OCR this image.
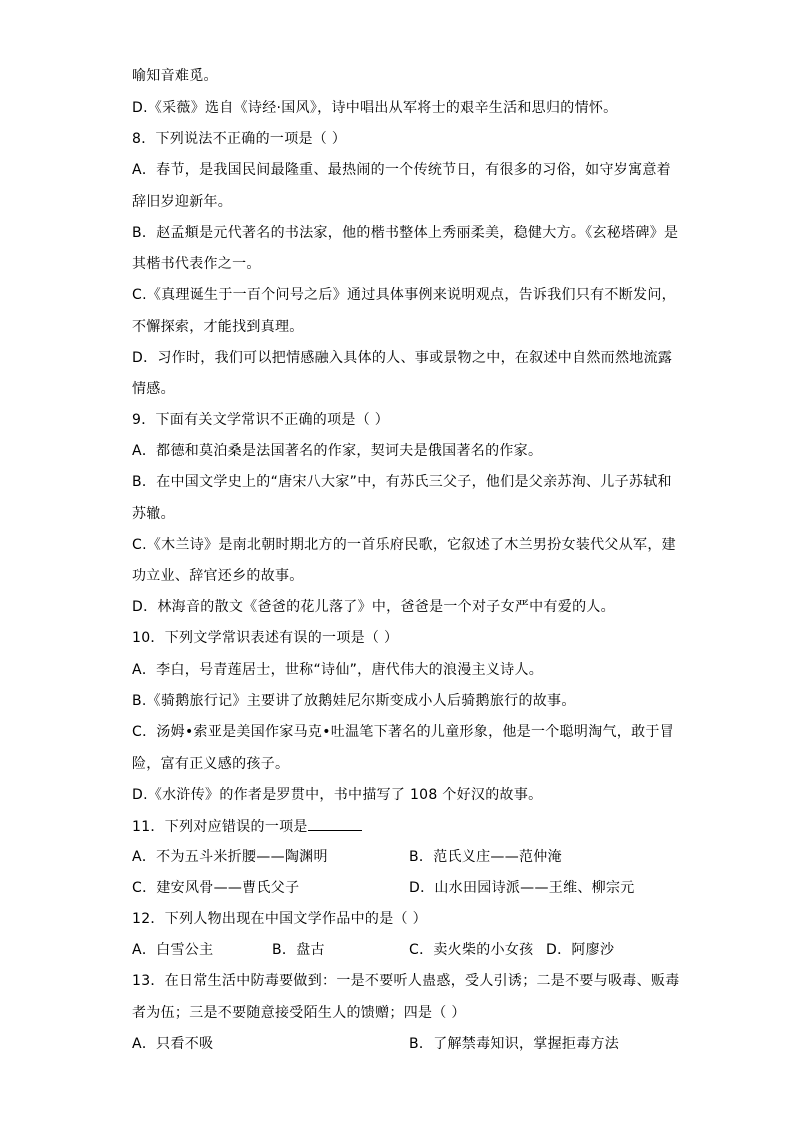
喻知音难觅。
D.《采薇》选自《诗经·国风》，诗中唱出从军将士的艰辛生活和思归的情怀。
8．下列说法不正确的一项是（ ）
A．春节，是我国民间最隆重、最热闹的一个传统节日，有很多的习俗，如守岁寓意着
辞旧岁迎新年。
B．赵孟頫是元代著名的书法家，他的楷书整体上秀丽柔美，稳健大方。《玄秘塔碑》是
其楷书代表作之一。
C.《真理诞生于一百个问号之后》通过具体事例来说明观点，告诉我们只有不断发问，
不懈探索，才能找到真理。
D．习作时，我们可以把情感融入具体的人、事或景物之中，在叙述中自然而然地流露
情感。
9．下面有关文学常识不正确的项是（ ）
A．都德和莫泊桑是法国著名的作家，契诃夫是俄国著名的作家。
B．在中国文学史上的“唐宋八大家”中，有苏氏三父子，他们是父亲苏洵、儿子苏轼和
苏辙。
C.《木兰诗》是南北朝时期北方的一首乐府民歌，它叙述了木兰男扮女装代父从军，建
功立业、辞官还乡的故事。
D．林海音的散文《爸爸的花儿落了》中，爸爸是一个对子女严中有爱的人。
10．下列文学常识表述有误的一项是（ ）
A．李白，号青莲居士，世称“诗仙”，唐代伟大的浪漫主义诗人。
B.《骑鹅旅行记》主要讲了放鹅娃尼尔斯变成小人后骑鹅旅行的故事。
C．汤姆•索亚是美国作家马克•吐温笔下著名的儿童形象，他是一个聪明淘气，敢于冒
险，富有正义感的孩子。
D.《水浒传》的作者是罗贯中，书中描写了 108 个好汉的故事。
11．下列对应错误的一项是
A．不为五斗米折腰——陶渊明	B．范氏义庄——范仲淹
C．建安风骨——曹氏父子	D．山水田园诗派——王维、柳宗元
12．下列人物出现在中国文学作品中的是（ ）
A．白雪公主	B．盘古	C．卖火柴的小女孩 D．阿廖沙
13．在日常生活中防毒要做到：一是不要听人蛊惑，受人引诱；二是不要与吸毒、贩毒
者为伍；三是不要随意接受陌生人的馈赠；四是（ ）
A．只看不吸	B．了解禁毒知识，掌握拒毒方法
